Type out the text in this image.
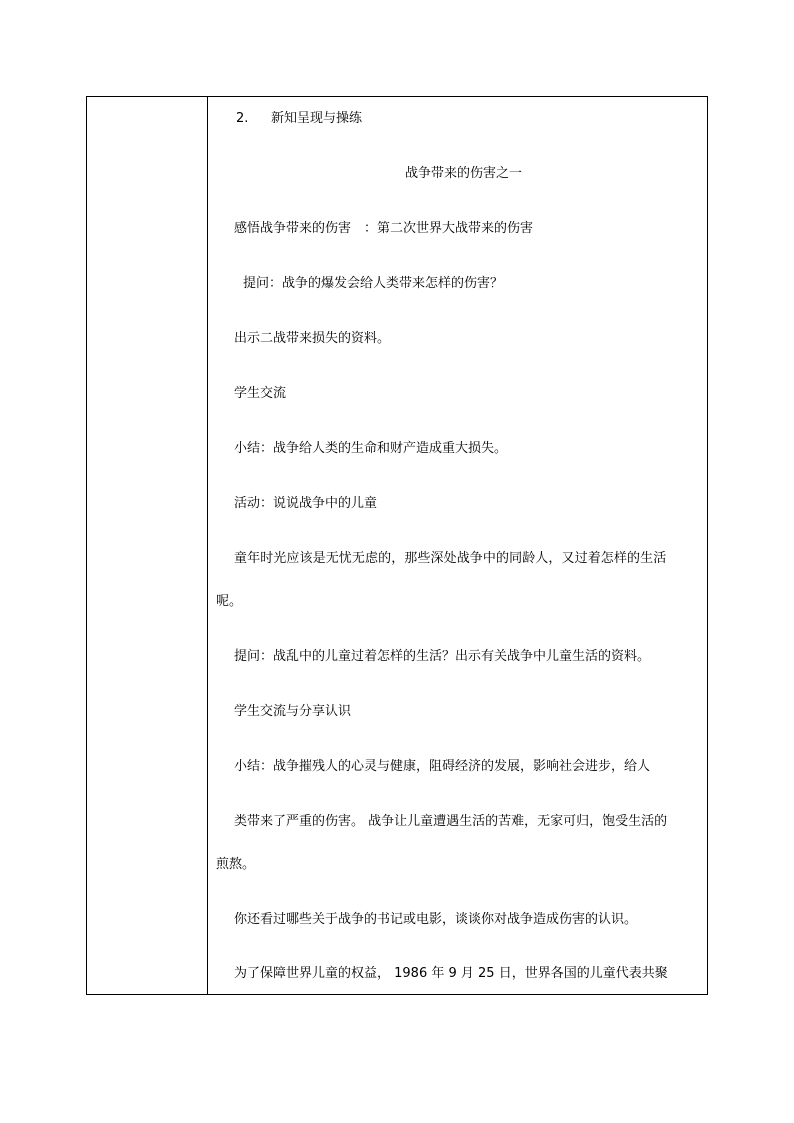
2. 新知呈现与操练

战争带来的伤害之一

感悟战争带来的伤害　：第二次世界大战带来的伤害

提问：战争的爆发会给人类带来怎样的伤害？

出示二战带来损失的资料。

学生交流

小结：战争给人类的生命和财产造成重大损失。

活动：说说战争中的儿童

童年时光应该是无忧无虑的，那些深处战争中的同龄人，又过着怎样的生活

呢。

提问：战乱中的儿童过着怎样的生活？出示有关战争中儿童生活的资料。

学生交流与分享认识

小结：战争摧残人的心灵与健康，阻碍经济的发展，影响社会进步，给人

类带来了严重的伤害。 战争让儿童遭遇生活的苦难，无家可归，饱受生活的

煎熬。

你还看过哪些关于战争的书记或电影，谈谈你对战争造成伤害的认识。

为了保障世界儿童的权益， 1986 年 9 月 25 日，世界各国的儿童代表共聚
